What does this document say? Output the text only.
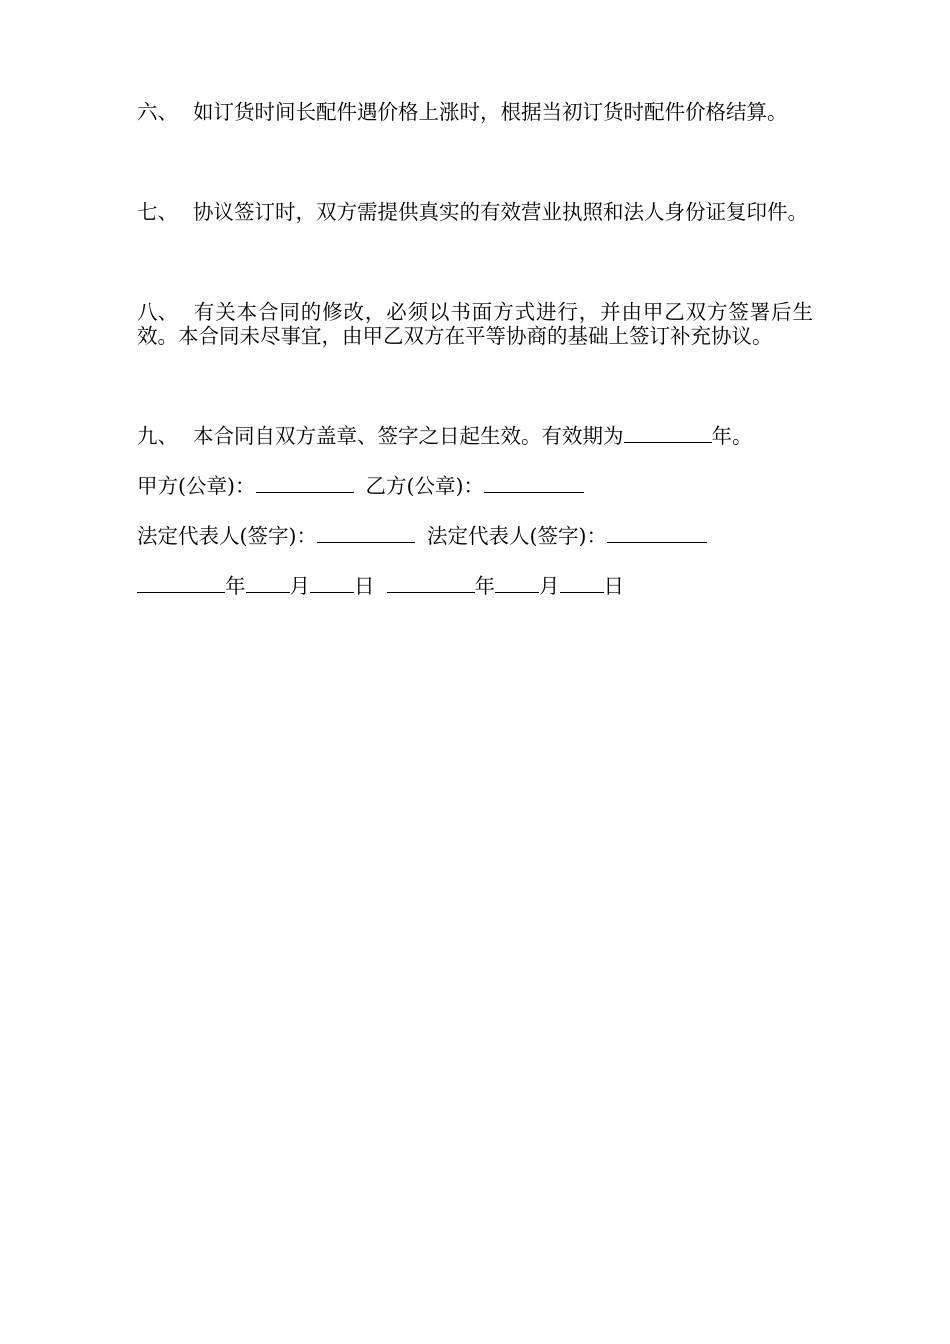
六、 如订货时间长配件遇价格上涨时，根据当初订货时配件价格结算。
七、 协议签订时，双方需提供真实的有效营业执照和法人身份证复印件。
八、 有关本合同的修改，必须以书面方式进行，并由甲乙双方签署后生效。本合同未尽事宜，由甲乙双方在平等协商的基础上签订补充协议。
九、 本合同自双方盖章、签字之日起生效。有效期为	年。
甲方(公章)：	乙方(公章)：
法定代表人(签字)：	法定代表人(签字)：
年 月 日	年 月 日
